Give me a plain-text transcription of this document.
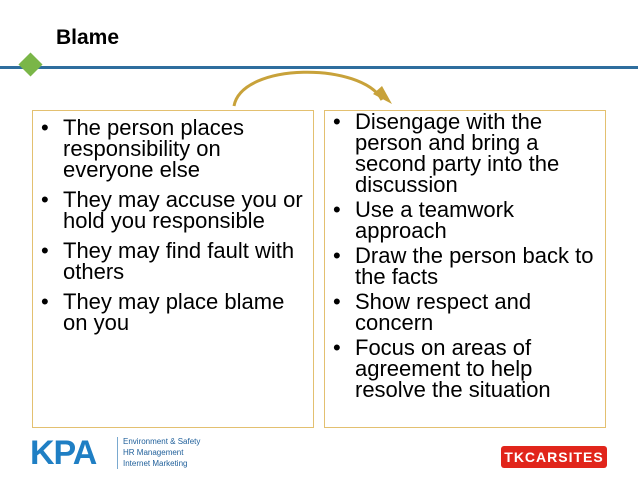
Blame
• The person places responsibility on everyone else
• They may accuse you or hold you responsible
• They may find fault with others
• They may place blame on you
• Disengage with the person and bring a second party into the discussion
• Use a teamwork approach
• Draw the person back to the facts
• Show respect and concern
• Focus on areas of agreement to help resolve the situation
KPA	Environment & Safety
HR Management
Internet Marketing	TKCARSITES
